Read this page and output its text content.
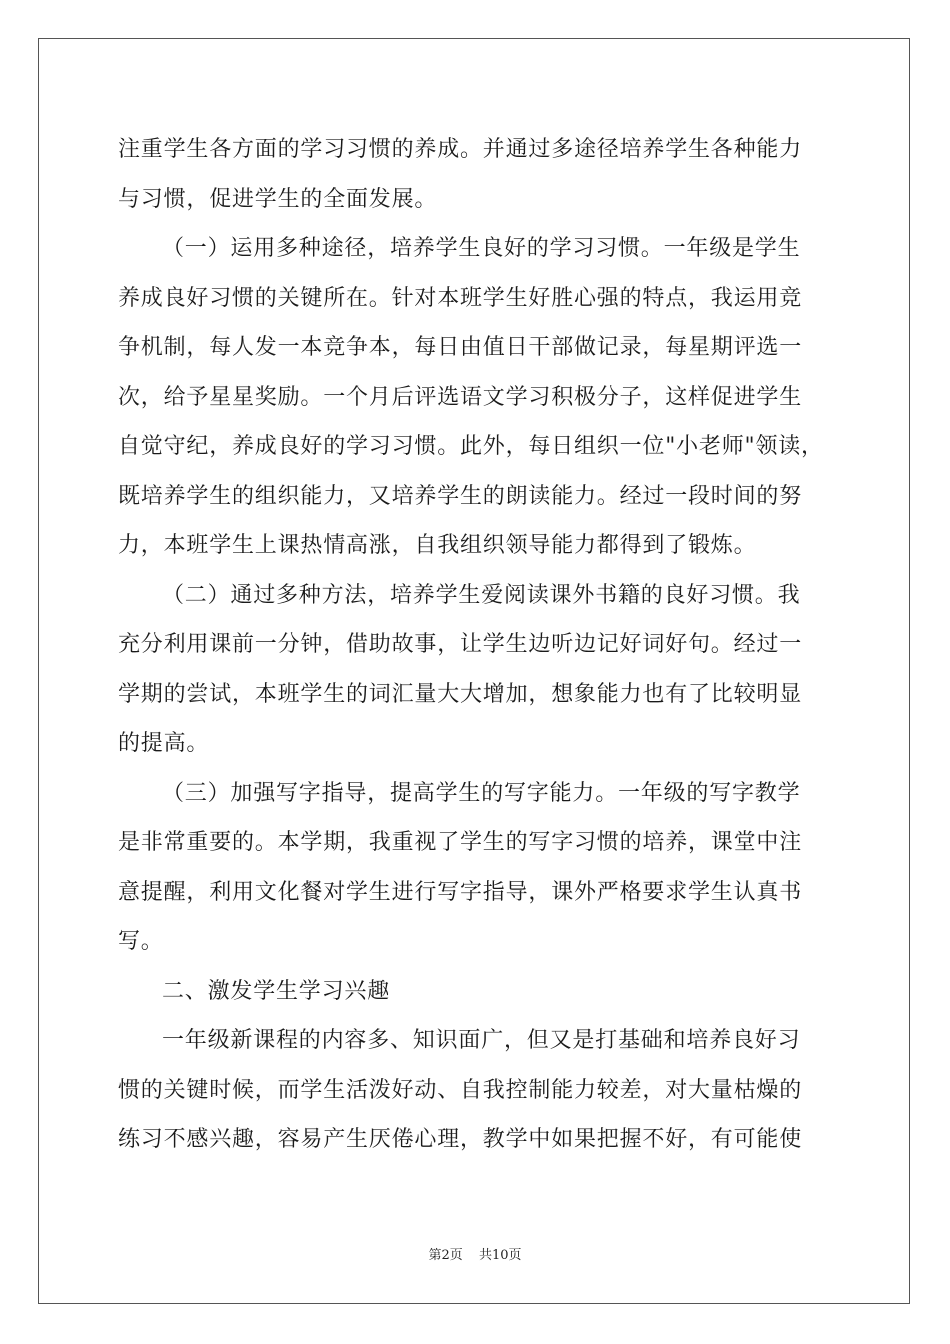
注重学生各方面的学习习惯的养成。并通过多途径培养学生各种能力
与习惯，促进学生的全面发展。
（一）运用多种途径，培养学生良好的学习习惯。一年级是学生
养成良好习惯的关键所在。针对本班学生好胜心强的特点，我运用竞
争机制，每人发一本竞争本，每日由值日干部做记录，每星期评选一
次，给予星星奖励。一个月后评选语文学习积极分子，这样促进学生
自觉守纪，养成良好的学习习惯。此外，每日组织一位"小老师"领读，
既培养学生的组织能力，又培养学生的朗读能力。经过一段时间的努
力，本班学生上课热情高涨，自我组织领导能力都得到了锻炼。
（二）通过多种方法，培养学生爱阅读课外书籍的良好习惯。我
充分利用课前一分钟，借助故事，让学生边听边记好词好句。经过一
学期的尝试，本班学生的词汇量大大增加，想象能力也有了比较明显
的提高。
（三）加强写字指导，提高学生的写字能力。一年级的写字教学
是非常重要的。本学期，我重视了学生的写字习惯的培养，课堂中注
意提醒，利用文化餐对学生进行写字指导，课外严格要求学生认真书
写。
二、激发学生学习兴趣
一年级新课程的内容多、知识面广，但又是打基础和培养良好习
惯的关键时候，而学生活泼好动、自我控制能力较差，对大量枯燥的
练习不感兴趣，容易产生厌倦心理，教学中如果把握不好，有可能使
第2页 共10页
